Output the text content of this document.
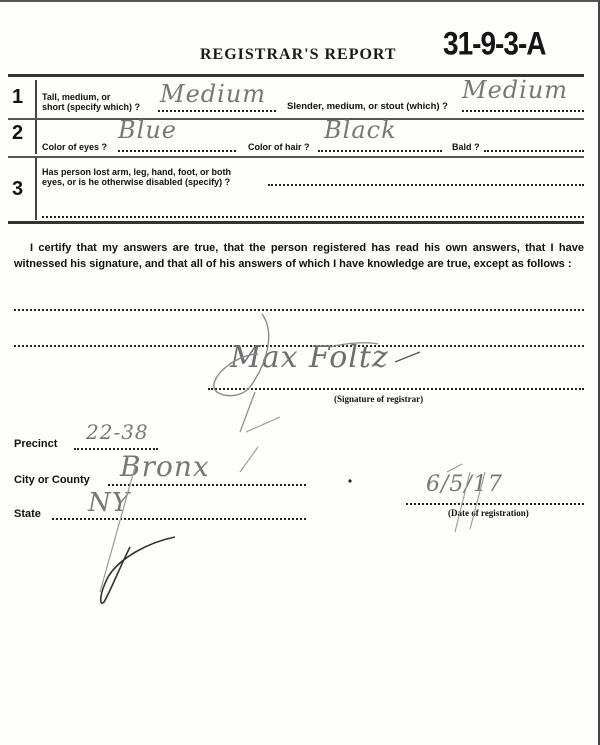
REGISTRAR'S REPORT 31-9-3-A
1 Tall, medium, or
short (specify which) ? Medium Slender, medium, or stout (which) ?
Medium
2
Color of eyes ?
Blue
Color of hair ?
Black
Bald ?
3
Has person lost arm, leg, hand, foot, or both
eyes, or is he otherwise disabled (specify) ?
I certify that my answers are true, that the person registered has read his own answers, that I have witnessed his signature, and that all of his answers of which I have knowledge are true, except as follows :
Max Foltz
(Signature of registrar)
Precinct 22-38
City or County Bronx
State NY
6/5/17
(Date of registration)
